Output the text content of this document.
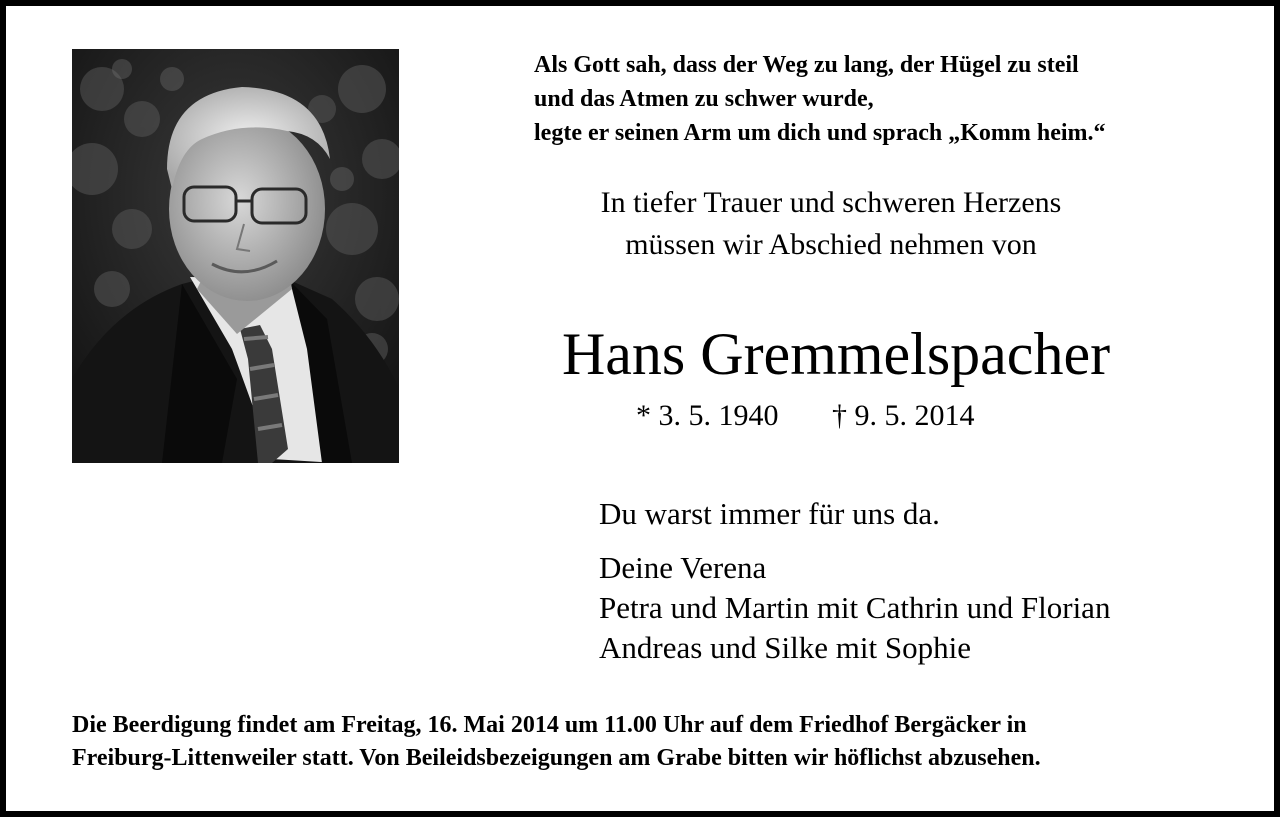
Als Gott sah, dass der Weg zu lang, der Hügel zu steil
und das Atmen zu schwer wurde,
legte er seinen Arm um dich und sprach „Komm heim.“
In tiefer Trauer und schweren Herzens
müssen wir Abschied nehmen von
Hans Gremmelspacher
* 3. 5. 1940 † 9. 5. 2014
Du warst immer für uns da.
Deine Verena
Petra und Martin mit Cathrin und Florian
Andreas und Silke mit Sophie
Die Beerdigung findet am Freitag, 16. Mai 2014 um 11.00 Uhr auf dem Friedhof Bergäcker in
Freiburg-Littenweiler statt. Von Beileidsbezeigungen am Grabe bitten wir höflichst abzusehen.
